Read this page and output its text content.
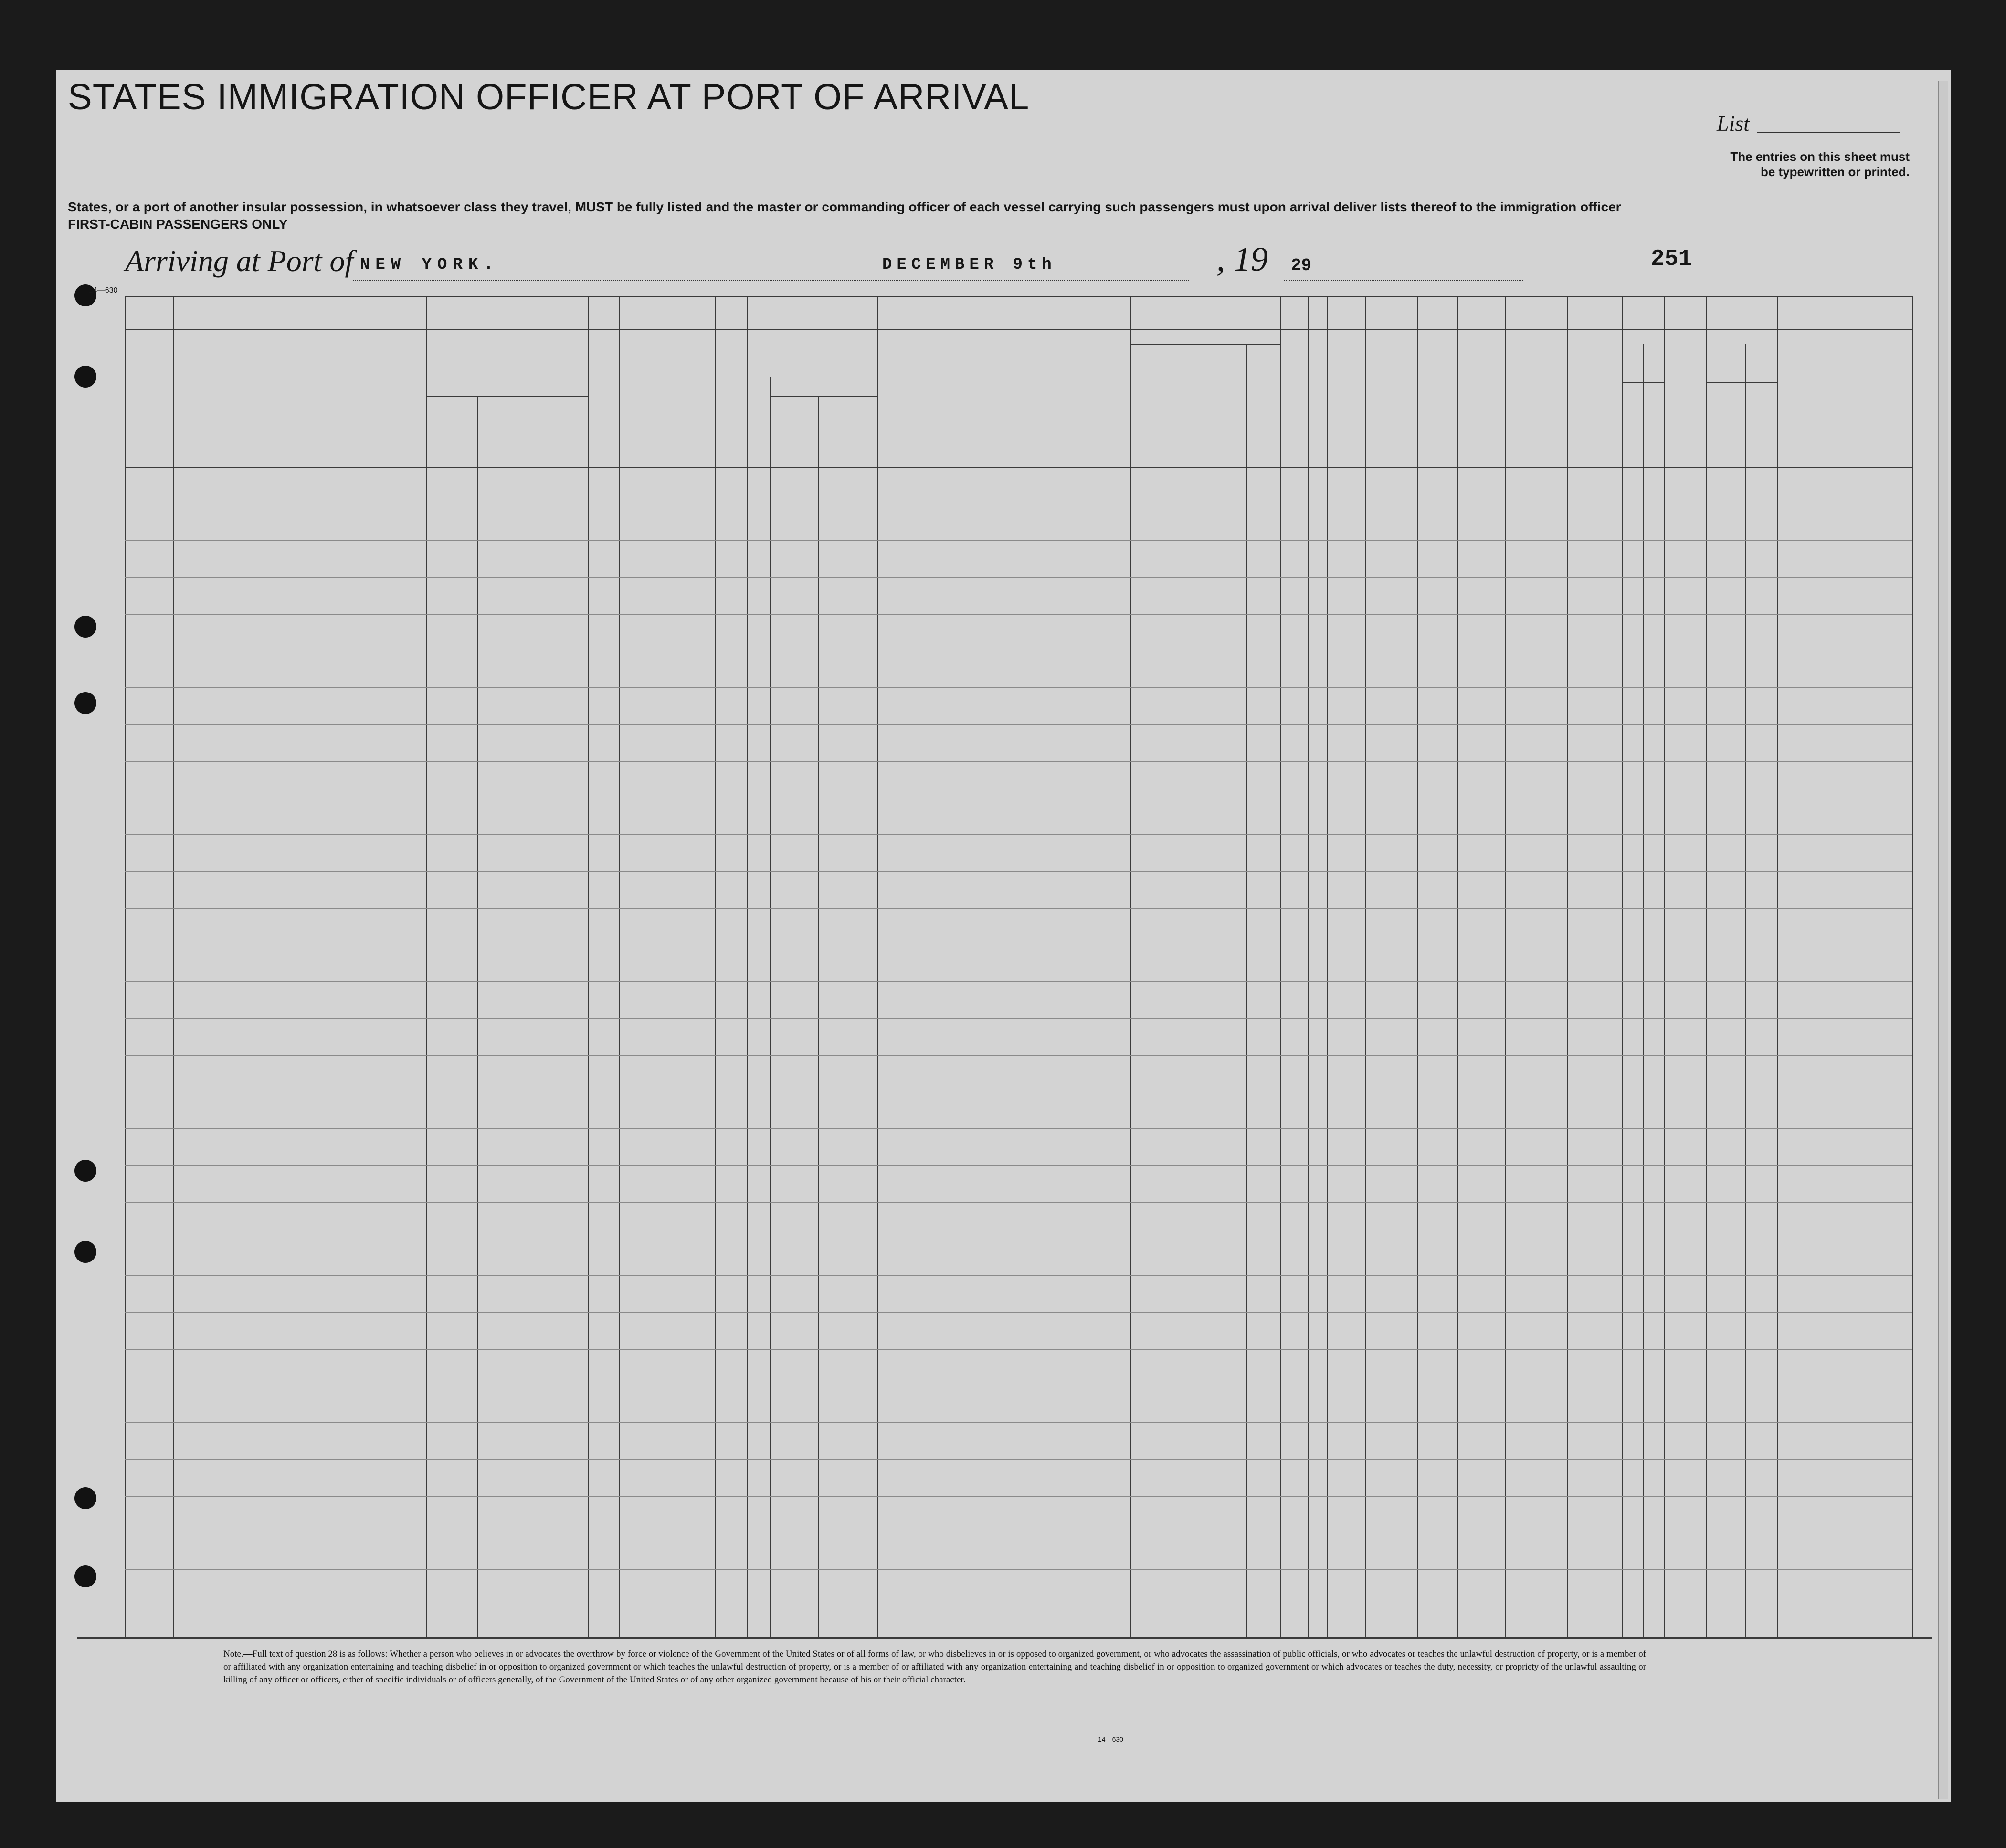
STATES IMMIGRATION OFFICER AT PORT OF ARRIVAL
States, or a port of another insular possession, in whatsoever class they travel, MUST be fully listed and the master or commanding officer of each vessel carrying such passengers must upon arrival deliver lists thereof to the immigration officer
FIRST-CABIN PASSENGERS ONLY
List
The entries on this sheet must
be typewritten or printed.
Arriving at Port of NEW YORK.	DECEMBER 9th	, 19 29	251
14—630
Note.—Full text of question 28 is as follows: Whether a person who believes in or advocates the overthrow by force or violence of the Government of the United States or of all forms of law, or who disbelieves in or is opposed to organized government, or who advocates the assassination of public officials, or who advocates or teaches the unlawful destruction of property, or is a member of or affiliated with any organization entertaining and teaching disbelief in or opposition to organized government or which teaches the unlawful destruction of property, or is a member of or affiliated with any organization entertaining and teaching disbelief in or opposition to organized government or which advocates or teaches the duty, necessity, or propriety of the unlawful assaulting or killing of any officer or officers, either of specific individuals or of officers generally, of the Government of the United States or of any other organized government because of his or their official character.
14—630
